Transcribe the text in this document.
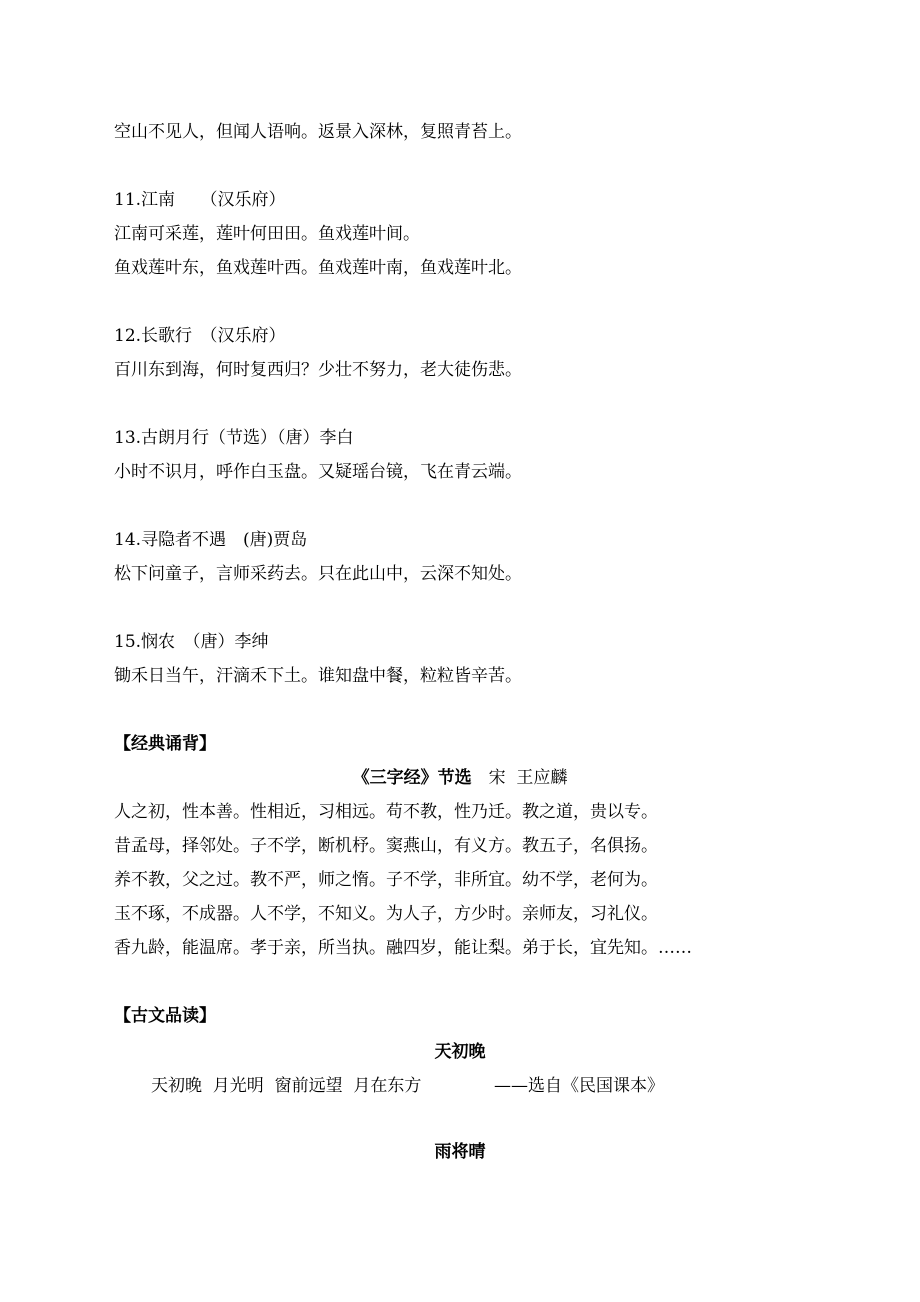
空山不见人，但闻人语响。返景入深林，复照青苔上。
11.江南　　（汉乐府）
江南可采莲，莲叶何田田。鱼戏莲叶间。
鱼戏莲叶东，鱼戏莲叶西。鱼戏莲叶南，鱼戏莲叶北。
12.长歌行　（汉乐府）
百川东到海，何时复西归？少壮不努力，老大徒伤悲。
13.古朗月行（节选）（唐）李白
小时不识月，呼作白玉盘。又疑瑶台镜，飞在青云端。
14.寻隐者不遇　(唐)贾岛
松下问童子，言师采药去。只在此山中，云深不知处。
15.悯农　（唐）李绅
锄禾日当午，汗滴禾下土。谁知盘中餐，粒粒皆辛苦。
【经典诵背】
《三字经》节选　宋  王应麟
人之初，性本善。性相近，习相远。苟不教，性乃迁。教之道，贵以专。
昔孟母，择邻处。子不学，断机杼。窦燕山，有义方。教五子，名俱扬。
养不教，父之过。教不严，师之惰。子不学，非所宜。幼不学，老何为。
玉不琢，不成器。人不学，不知义。为人子，方少时。亲师友，习礼仪。
香九龄，能温席。孝于亲，所当执。融四岁，能让梨。弟于长，宜先知。……
【古文品读】
天初晚
天初晚  月光明  窗前远望  月在东方	——选自《民国课本》
雨将晴
